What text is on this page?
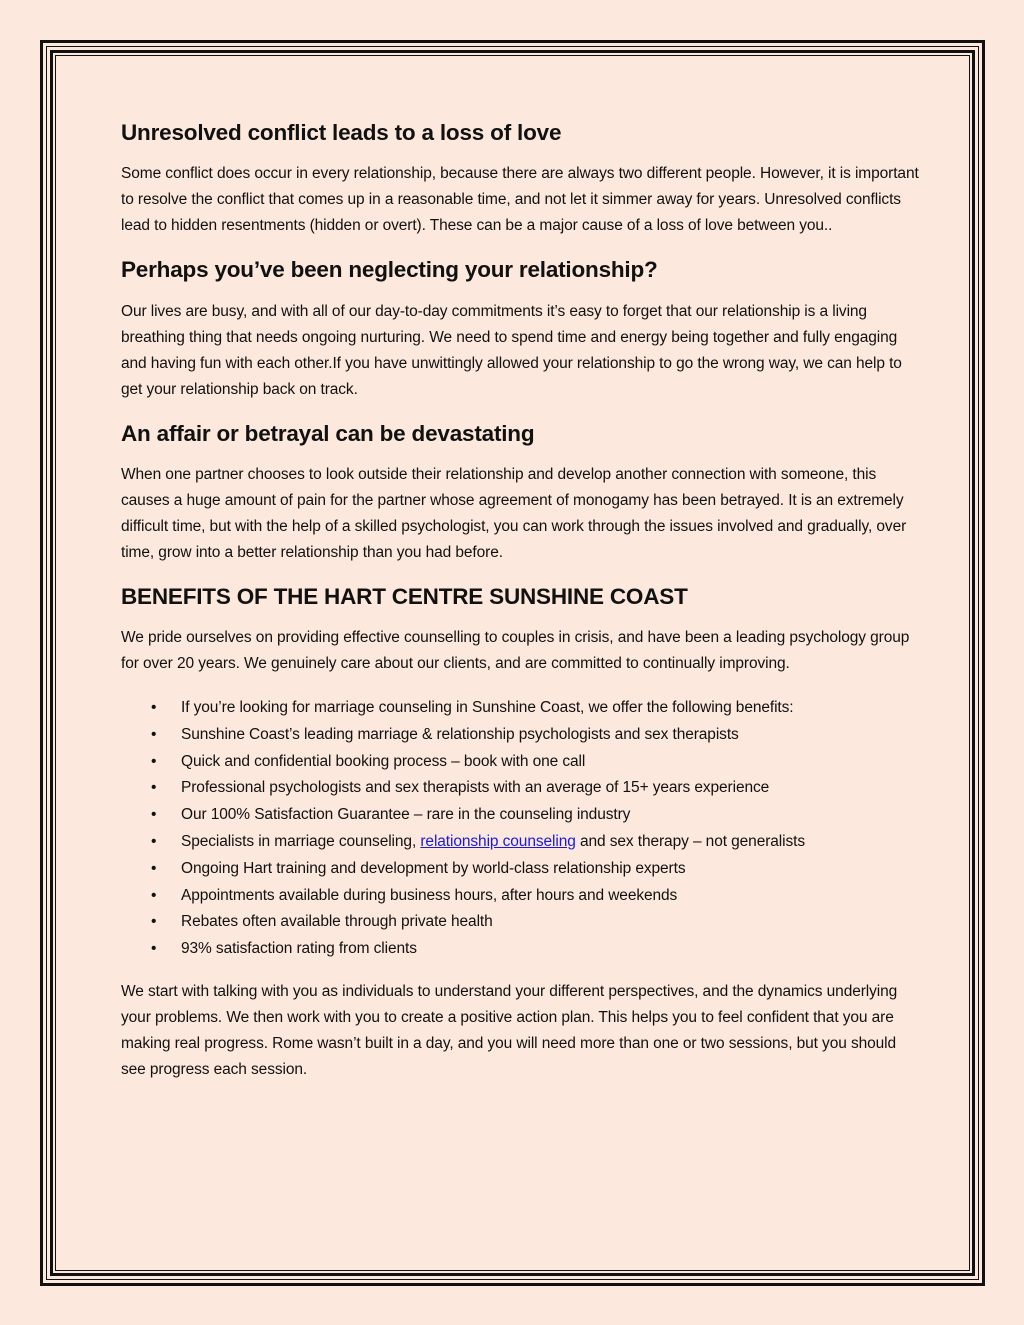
Unresolved conflict leads to a loss of love

Some conflict does occur in every relationship, because there are always two different people. However, it is important to resolve the conflict that comes up in a reasonable time, and not let it simmer away for years. Unresolved conflicts lead to hidden resentments (hidden or overt). These can be a major cause of a loss of love between you..

Perhaps you’ve been neglecting your relationship?

Our lives are busy, and with all of our day-to-day commitments it’s easy to forget that our relationship is a living breathing thing that needs ongoing nurturing. We need to spend time and energy being together and fully engaging and having fun with each other.If you have unwittingly allowed your relationship to go the wrong way, we can help to get your relationship back on track.

An affair or betrayal can be devastating

When one partner chooses to look outside their relationship and develop another connection with someone, this causes a huge amount of pain for the partner whose agreement of monogamy has been betrayed. It is an extremely difficult time, but with the help of a skilled psychologist, you can work through the issues involved and gradually, over time, grow into a better relationship than you had before.

BENEFITS OF THE HART CENTRE SUNSHINE COAST

We pride ourselves on providing effective counselling to couples in crisis, and have been a leading psychology group for over 20 years. We genuinely care about our clients, and are committed to continually improving.

• If you’re looking for marriage counseling in Sunshine Coast, we offer the following benefits:
• Sunshine Coast’s leading marriage & relationship psychologists and sex therapists
• Quick and confidential booking process – book with one call
• Professional psychologists and sex therapists with an average of 15+ years experience
• Our 100% Satisfaction Guarantee – rare in the counseling industry
• Specialists in marriage counseling, relationship counseling and sex therapy – not generalists
• Ongoing Hart training and development by world-class relationship experts
• Appointments available during business hours, after hours and weekends
• Rebates often available through private health
• 93% satisfaction rating from clients

We start with talking with you as individuals to understand your different perspectives, and the dynamics underlying your problems. We then work with you to create a positive action plan. This helps you to feel confident that you are making real progress. Rome wasn’t built in a day, and you will need more than one or two sessions, but you should see progress each session.
